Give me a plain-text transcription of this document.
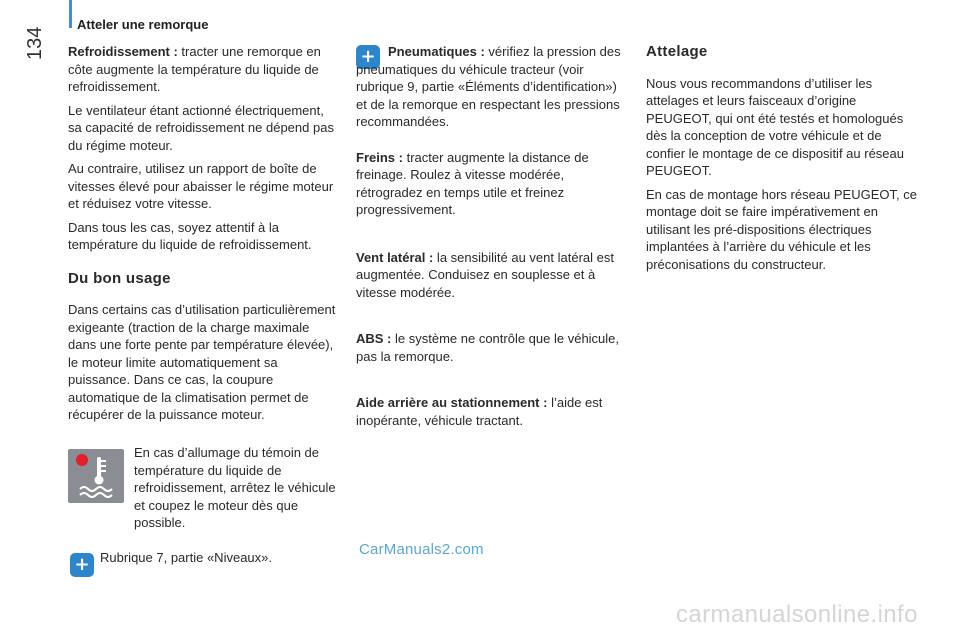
Atteler une remorque
134 Refroidissement : tracter une remorque en côte augmente la température du liquide de refroidissement.

Le ventilateur étant actionné électriquement, sa capacité de refroidissement ne dépend pas du régime moteur.

Au contraire, utilisez un rapport de boîte de vitesses élevé pour abaisser le régime moteur et réduisez votre vitesse.

Dans tous les cas, soyez attentif à la température du liquide de refroidissement.

Du bon usage

Dans certains cas d’utilisation particulièrement exigeante (traction de la charge maximale dans une forte pente par température élevée), le moteur limite automatiquement sa puissance. Dans ce cas, la coupure automatique de la climatisation permet de récupérer de la puissance moteur.

En cas d’allumage du témoin de température du liquide de refroidissement, arrêtez le véhicule et coupez le moteur dès que possible.
+ Rubrique 7, partie «Niveaux».
+ Pneumatiques : vérifiez la pression des pneumatiques du véhicule tracteur (voir rubrique 9, partie «Éléments d’identification») et de la remorque en respectant les pressions recommandées.

Freins : tracter augmente la distance de freinage. Roulez à vitesse modérée, rétrogradez en temps utile et freinez progressivement.

Vent latéral : la sensibilité au vent latéral est augmentée. Conduisez en souplesse et à vitesse modérée.

ABS : le système ne contrôle que le véhicule, pas la remorque.

Aide arrière au stationnement : l’aide est inopérante, véhicule tractant.

Attelage

Nous vous recommandons d’utiliser les attelages et leurs faisceaux d’origine PEUGEOT, qui ont été testés et homologués dès la conception de votre véhicule et de confier le montage de ce dispositif au réseau PEUGEOT.

En cas de montage hors réseau PEUGEOT, ce montage doit se faire impérativement en utilisant les pré-dispositions électriques implantées à l’arrière du véhicule et les préconisations du constructeur.

CarManuals2.com
carmanualsonline.info
